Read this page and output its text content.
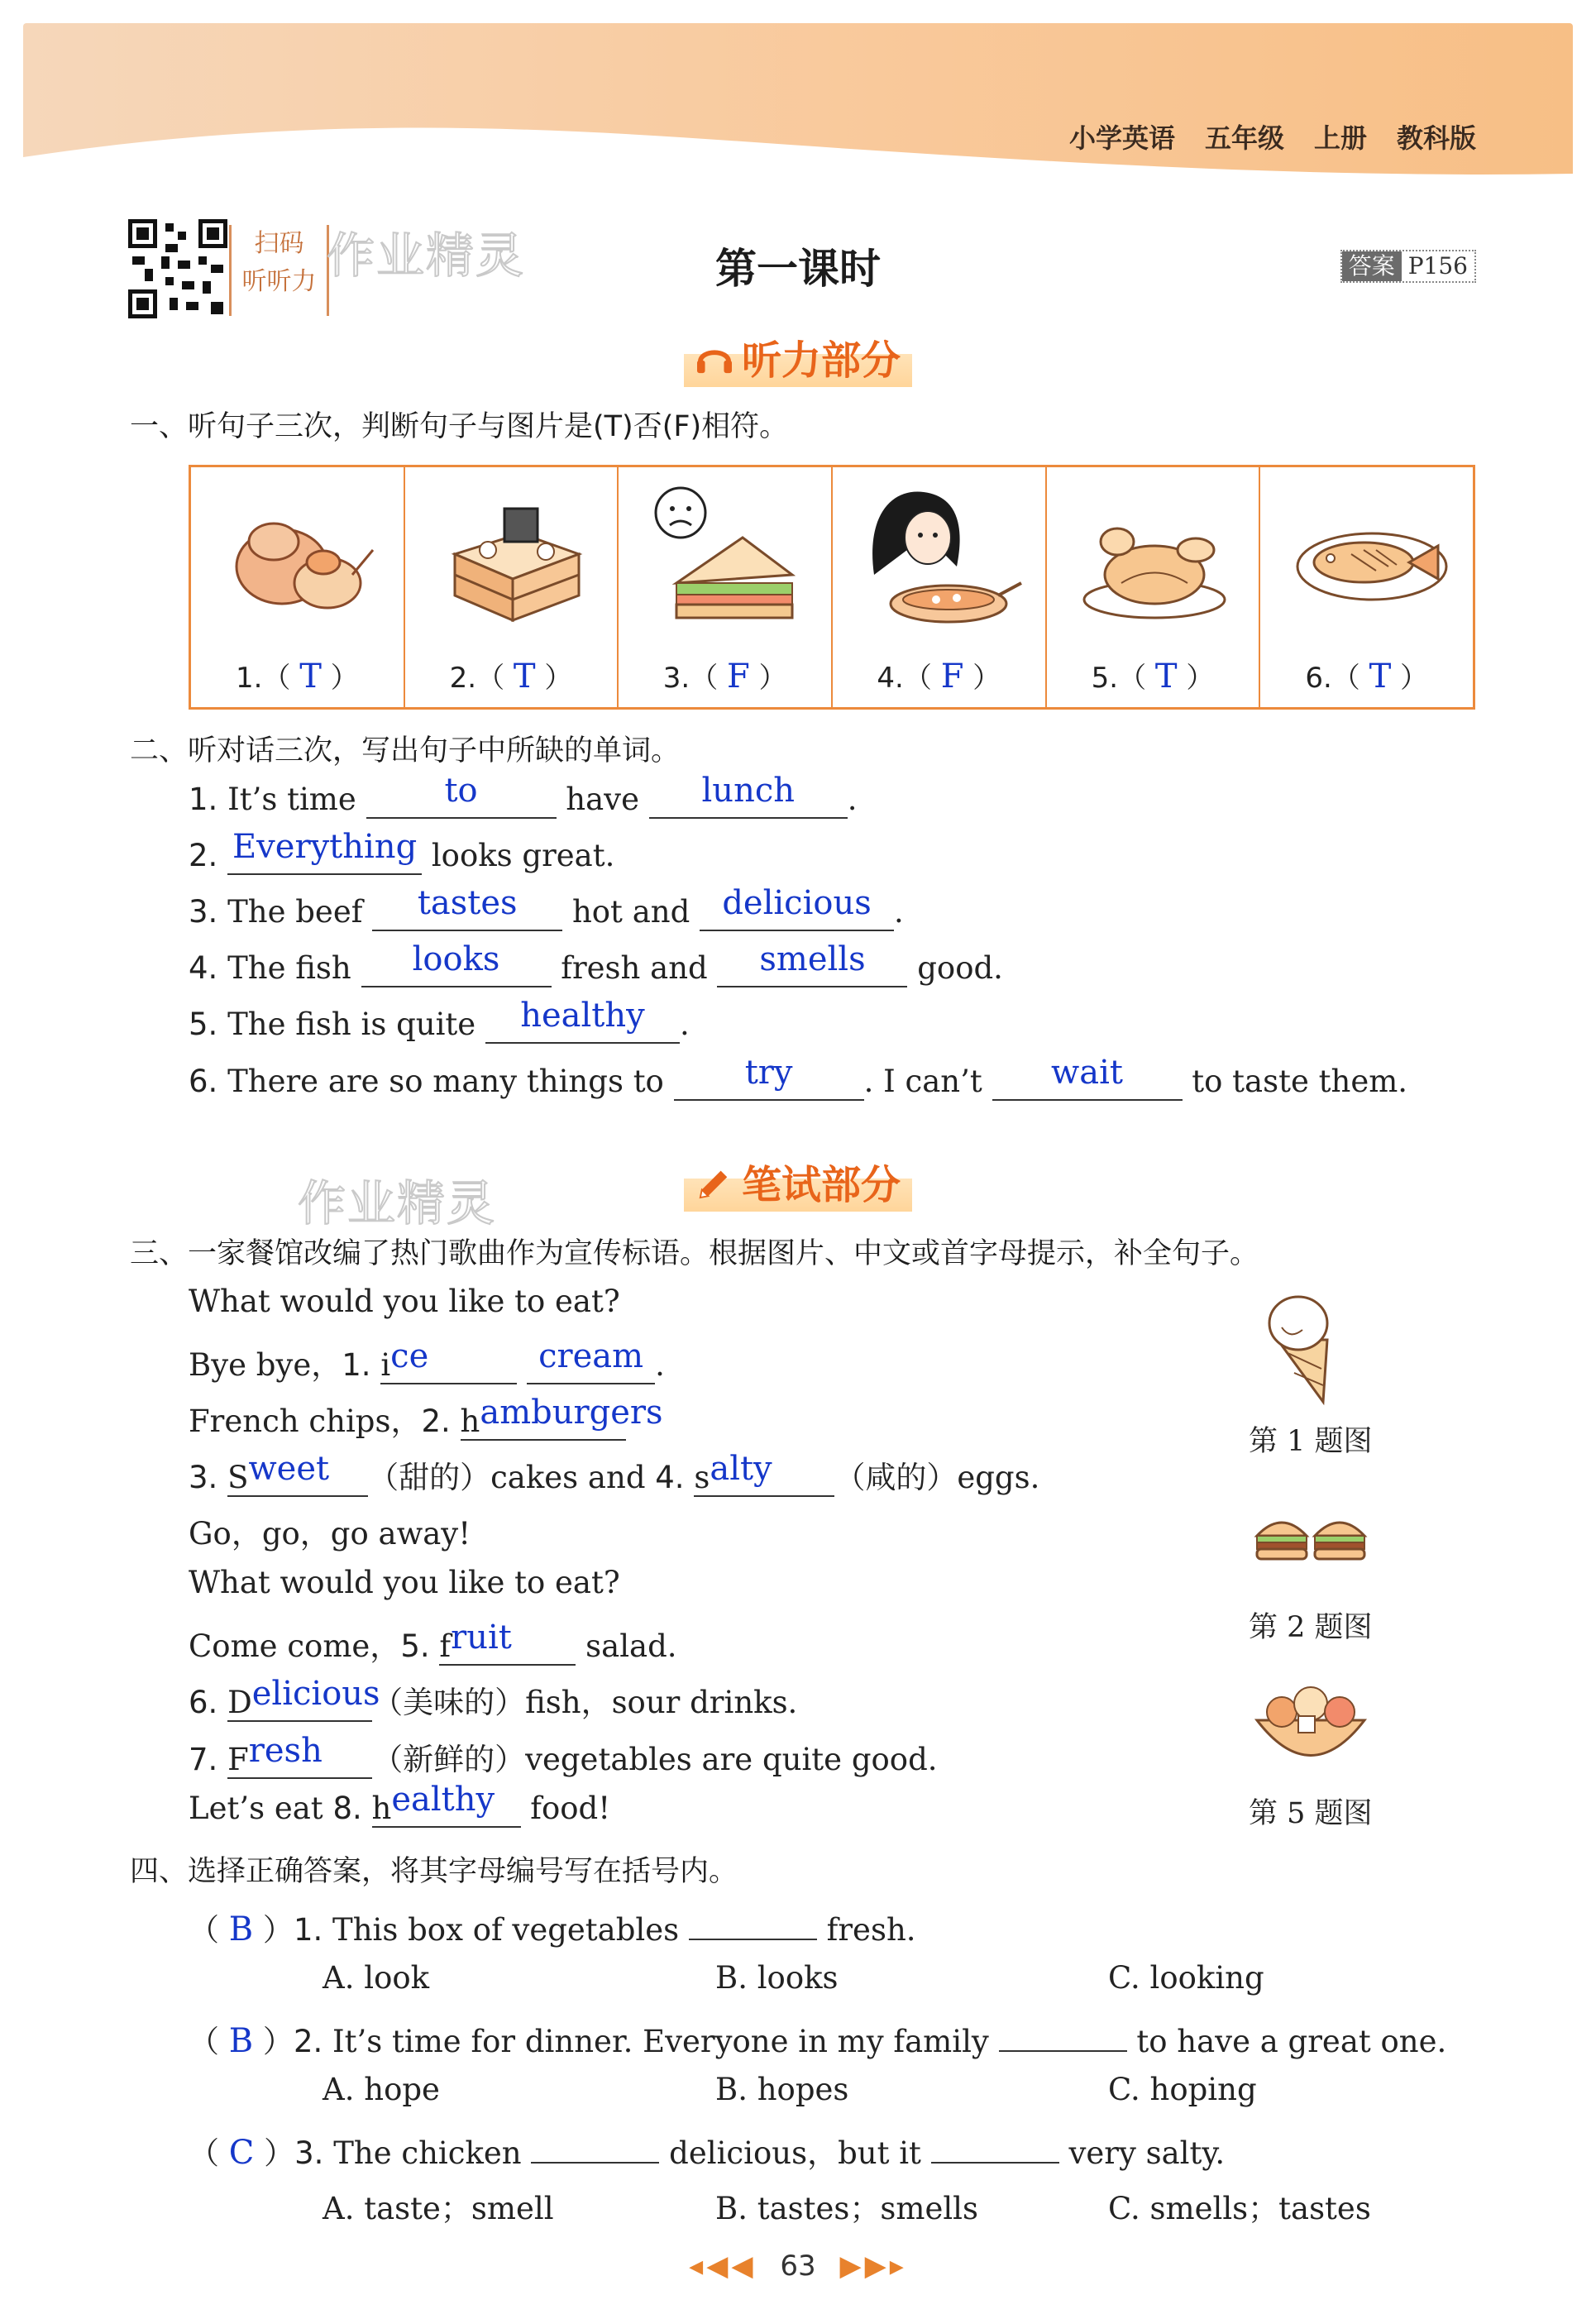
小学英语 五年级 上册 教科版
扫码
听听力 作业精灵	第一课时	答案 P156
听力部分
一、听句子三次，判断句子与图片是(T)否(F)相符。
1.（ T ）	2.（ T ）	3.（ F ）	4.（ F ）	5.（ T ）	6.（ T ）
二、听对话三次，写出句子中所缺的单词。
1. It’s time	to	have lunch .
2. Everything looks great.
3. The beef tastes hot and delicious .
4. The fish looks fresh and smells good.
5. The fish is quite healthy .
6. There are so many things to try . I can’t wait to taste them.
作业精灵	笔试部分
三、一家餐馆改编了热门歌曲作为宣传标语。根据图片、中文或首字母提示，补全句子。
What would you like to eat?
Bye bye，1. ice	cream .
French chips，2. hamburgers
3. Sweet （甜的）cakes and 4. salty （咸的）eggs.
Go，go，go away!
What would you like to eat?
Come come，5. fruit salad.
6. Delicious（美味的）fish，sour drinks.
7. Fresh （新鲜的）vegetables are quite good.
Let’s eat 8. healthy food!
第 1 题图
第 2 题图
第 5 题图
四、选择正确答案，将其字母编号写在括号内。
（ B ）1. This box of vegetables	fresh.
A. look	B. looks	C. looking
（ B ）2. It’s time for dinner. Everyone in my family	to have a great one.
A. hope	B. hopes	C. hoping
（ C ）3. The chicken	delicious，but it	very salty.
A. taste；smell	B. tastes；smells	C. smells；tastes
◂◀◀ 63 ▶▶▸
